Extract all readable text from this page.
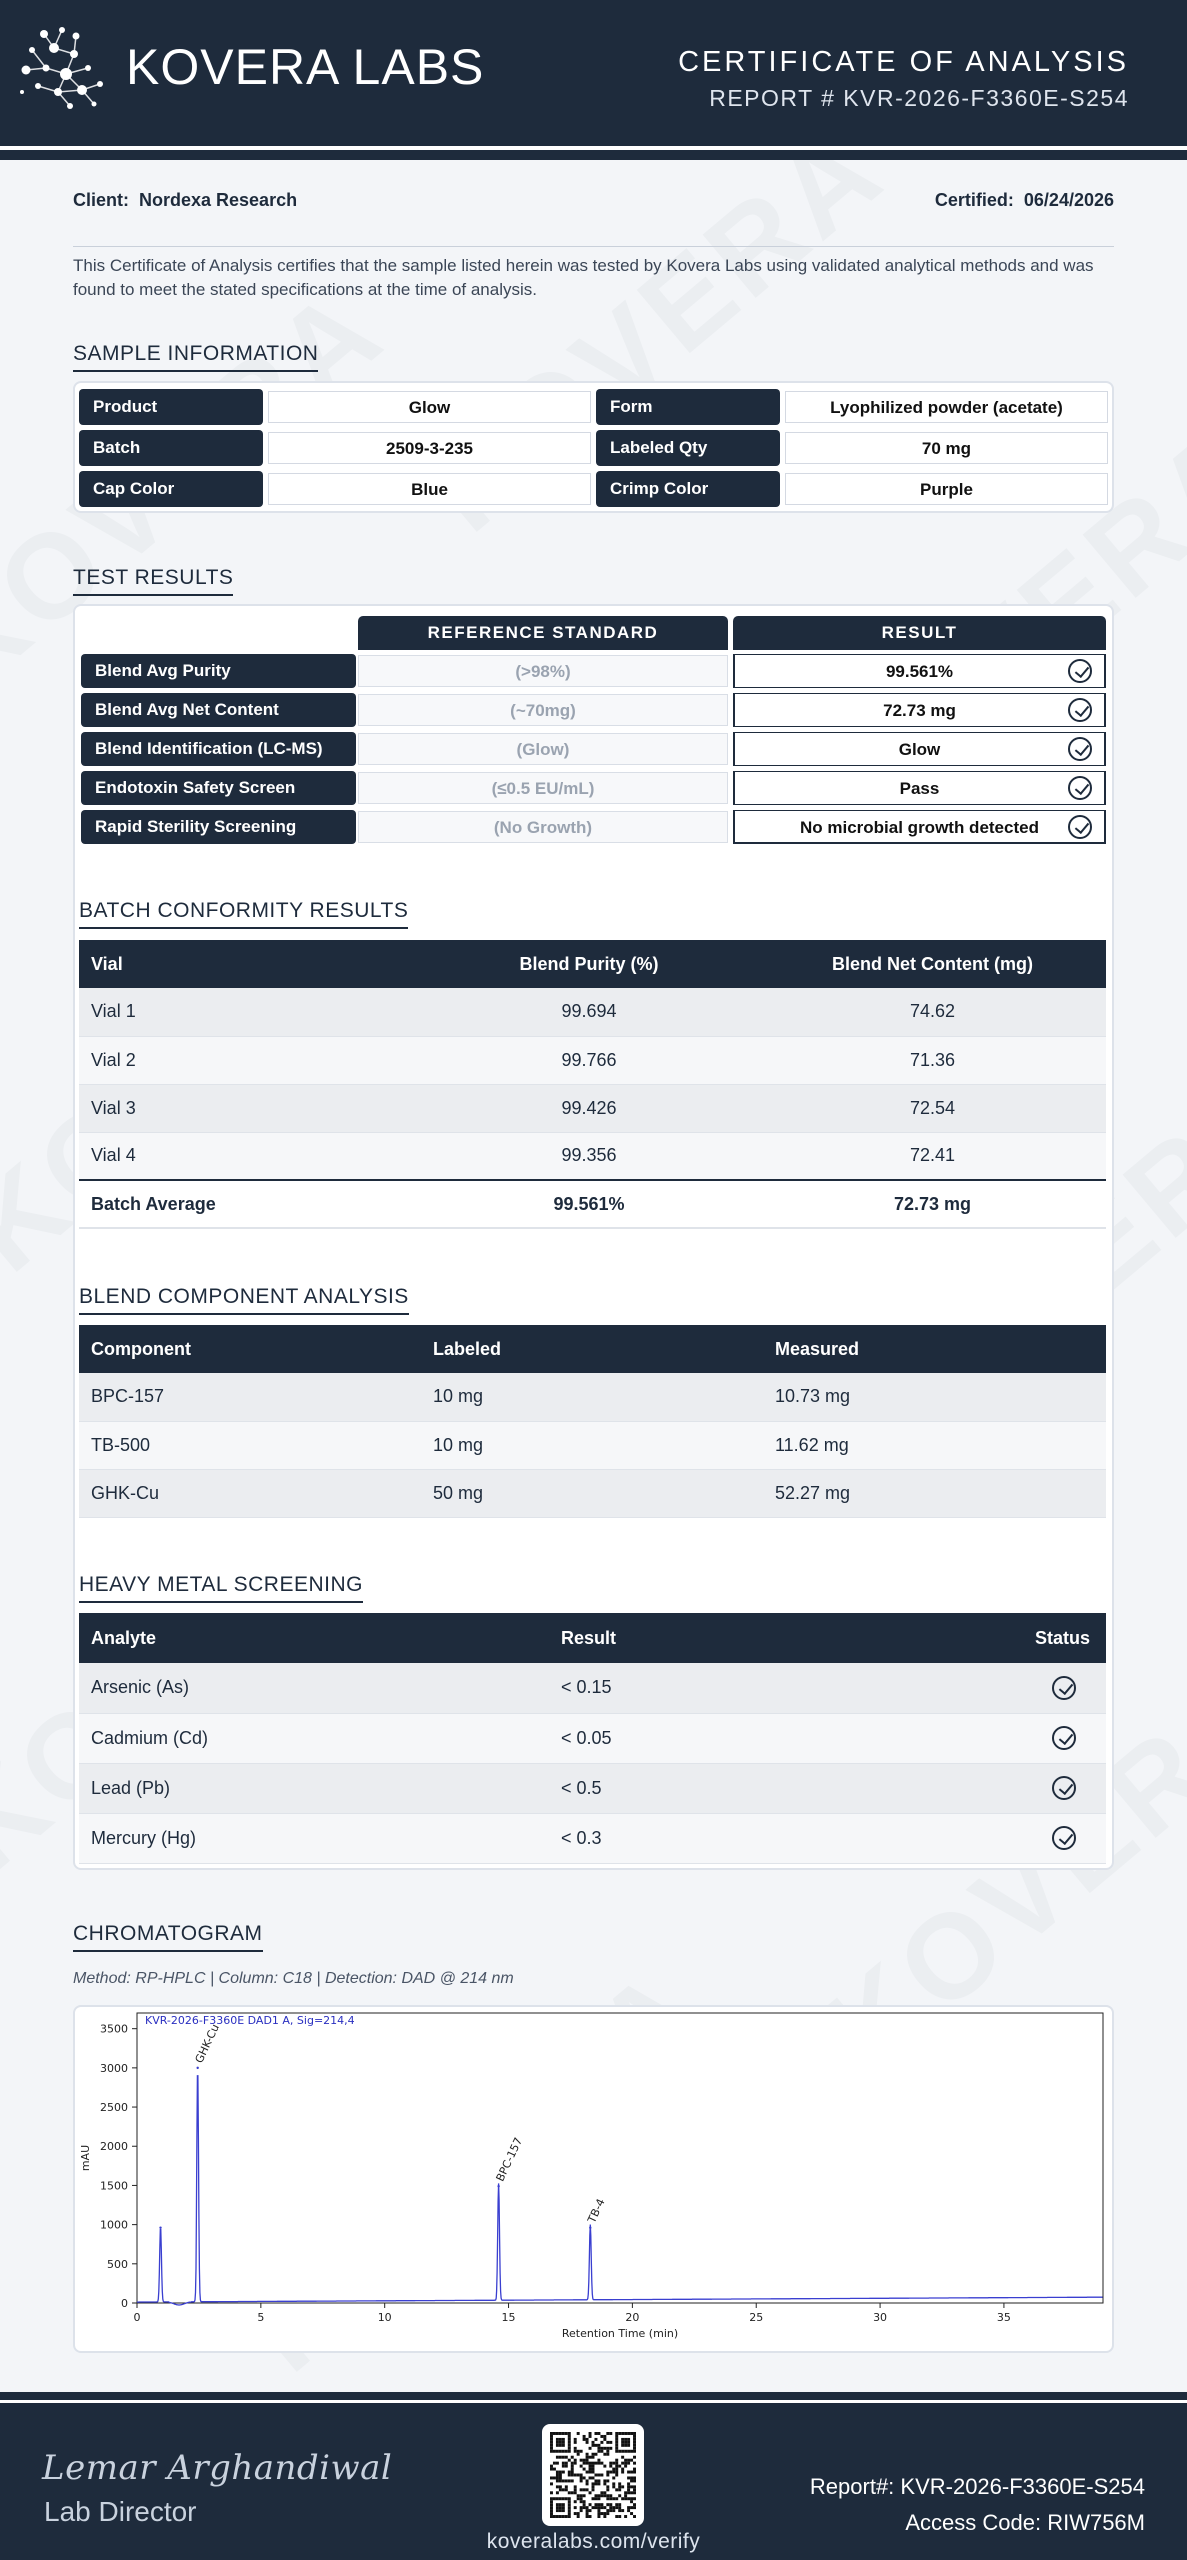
KOVERA LABS	CERTIFICATE OF ANALYSIS
REPORT # KVR-2026-F3360E-S254
Client: Nordexa Research	Certified: 06/24/2026
This Certificate of Analysis certifies that the sample listed herein was tested by Kovera Labs using validated analytical methods and was found to meet the stated specifications at the time of analysis.
SAMPLE INFORMATION
Product	Glow	Form	Lyophilized powder (acetate)
Batch	2509-3-235	Labeled Qty	70 mg
Cap Color	Blue	Crimp Color	Purple
TEST RESULTS
REFERENCE STANDARD	RESULT
Blend Avg Purity	(>98%)	99.561%
Blend Avg Net Content	(~70mg)	72.73 mg
Blend Identification (LC-MS)	(Glow)	Glow
Endotoxin Safety Screen	(≤0.5 EU/mL)	Pass
Rapid Sterility Screening	(No Growth)	No microbial growth detected
BATCH CONFORMITY RESULTS
Vial	Blend Purity (%)	Blend Net Content (mg)
Vial 1	99.694	74.62
Vial 2	99.766	71.36
Vial 3	99.426	72.54
Vial 4	99.356	72.41
Batch Average	99.561%	72.73 mg
BLEND COMPONENT ANALYSIS
Component	Labeled	Measured
BPC-157	10 mg	10.73 mg
TB-500	10 mg	11.62 mg
GHK-Cu	50 mg	52.27 mg
HEAVY METAL SCREENING
Analyte	Result	Status
Arsenic (As)	< 0.15	

Cadmium (Cd)	< 0.05	

Lead (Pb)	< 0.5	

Mercury (Hg)	< 0.3	
CHROMATOGRAM
Method: RP-HPLC | Column: C18 | Detection: DAD @ 214 nm
KVR-2026-F3360E DAD1 A, Sig=214,4
0
500
1000
1500
2000
2500
3000
3500
0	5	10	15	20	25	30	35
Retention Time (min)
mAU
GHK-Cu
BPC-157
TB-4
Lemar Arghandiwal
Lab Director
koveralabs.com/verify
Report#: KVR-2026-F3360E-S254
Access Code: RIW756M
